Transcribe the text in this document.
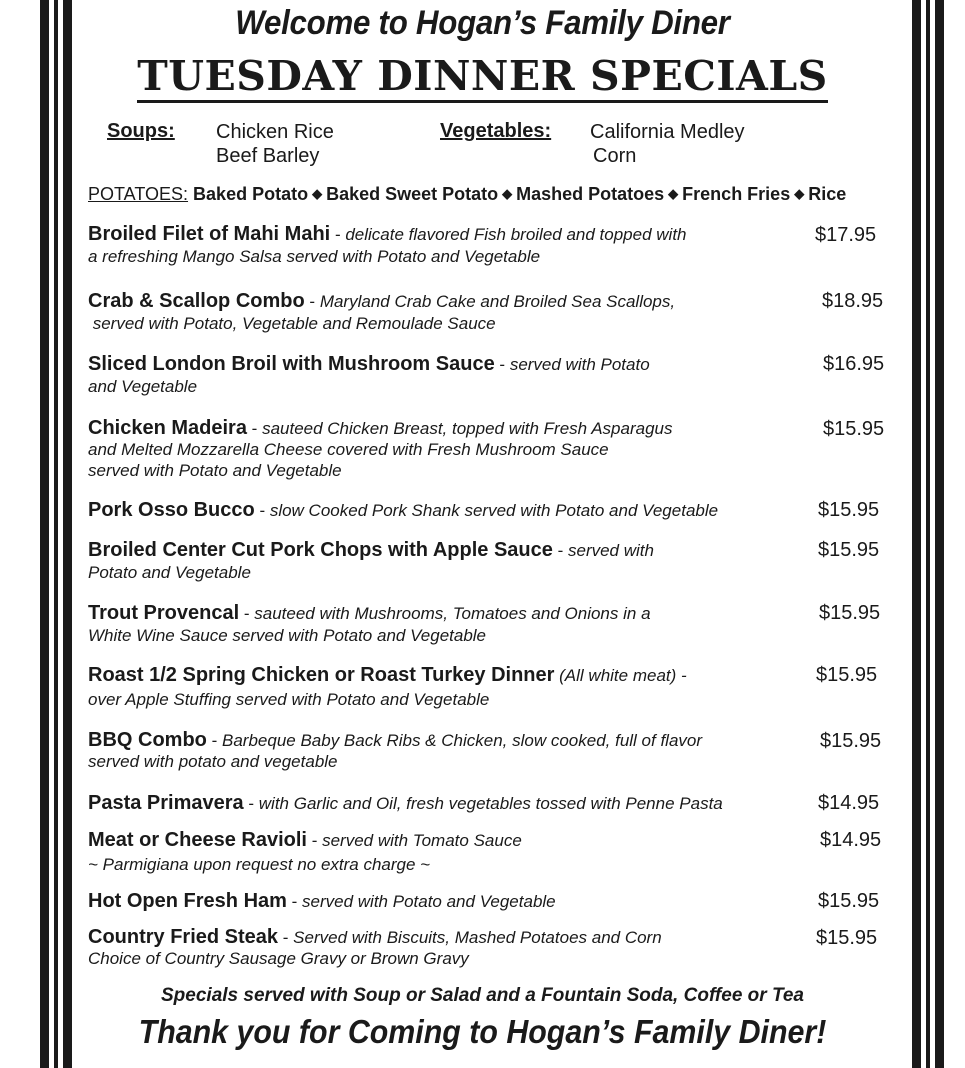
Welcome to Hogan’s Family Diner
TUESDAY DINNER SPECIALS
Soups: Chicken Rice
Beef Barley
Vegetables: California Medley
Corn
POTATOES: Baked Potato ◆ Baked Sweet Potato ◆ Mashed Potatoes ◆ French Fries ◆ Rice
Broiled Filet of Mahi Mahi - delicate flavored Fish broiled and topped with
a refreshing Mango Salsa served with Potato and Vegetable
$17.95
Crab & Scallop Combo - Maryland Crab Cake and Broiled Sea Scallops,
served with Potato, Vegetable and Remoulade Sauce
$18.95
Sliced London Broil with Mushroom Sauce - served with Potato
and Vegetable
$16.95
Chicken Madeira - sauteed Chicken Breast, topped with Fresh Asparagus
and Melted Mozzarella Cheese covered with Fresh Mushroom Sauce
served with Potato and Vegetable
$15.95
Pork Osso Bucco - slow Cooked Pork Shank served with Potato and Vegetable	$15.95
Broiled Center Cut Pork Chops with Apple Sauce - served with
Potato and Vegetable
$15.95
Trout Provencal - sauteed with Mushrooms, Tomatoes and Onions in a
White Wine Sauce served with Potato and Vegetable
$15.95
Roast 1/2 Spring Chicken or Roast Turkey Dinner (All white meat) -
over Apple Stuffing served with Potato and Vegetable
$15.95
BBQ Combo - Barbeque Baby Back Ribs & Chicken, slow cooked, full of flavor
served with potato and vegetable
$15.95
Pasta Primavera - with Garlic and Oil, fresh vegetables tossed with Penne Pasta	$14.95
Meat or Cheese Ravioli - served with Tomato Sauce
~ Parmigiana upon request no extra charge ~
$14.95
Hot Open Fresh Ham - served with Potato and Vegetable	$15.95
Country Fried Steak - Served with Biscuits, Mashed Potatoes and Corn
Choice of Country Sausage Gravy or Brown Gravy
$15.95
Specials served with Soup or Salad and a Fountain Soda, Coffee or Tea
Thank you for Coming to Hogan’s Family Diner!
